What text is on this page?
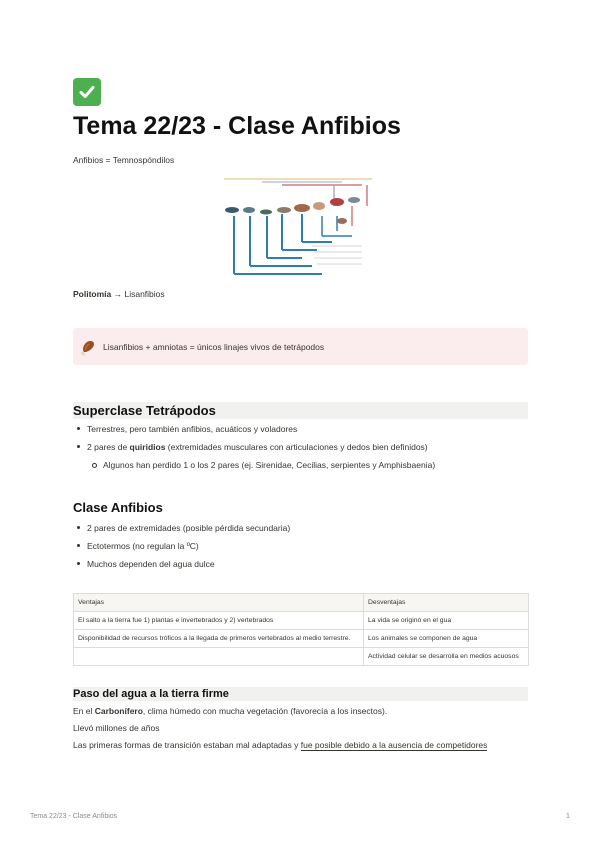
Tema 22/23 - Clase Anfibios
Anfibios = Temnospóndilos
Politomía → Lisanfibios
Lisanfibios + amniotas = únicos linajes vivos de tetrápodos
Superclase Tetrápodos
Terrestres, pero también anfibios, acuáticos y voladores
2 pares de quiridios (extremidades musculares con articulaciones y dedos bien definidos)
Algunos han perdido 1 o los 2 pares (ej. Sirenidae, Cecilias, serpientes y Amphisbaenia)
Clase Anfibios
2 pares de extremidades (posible pérdida secundaria)
Ectotermos (no regulan la ºC)
Muchos dependen del agua dulce
Ventajas	Desventajas
El salto a la tierra fue 1) plantas e invertebrados y 2) vertebrados	La vida se originó en el gua
Disponibilidad de recursos tróficos a la llegada de primeros vertebrados al medio terrestre.	Los animales se componen de agua
	Actividad celular se desarrolla en medios acuosos
Paso del agua a la tierra firme
En el Carbonífero, clima húmedo con mucha vegetación (favorecía a los insectos).
Llevó millones de años
Las primeras formas de transición estaban mal adaptadas y fue posible debido a la ausencia de competidores
Tema 22/23 - Clase Anfibios	1
